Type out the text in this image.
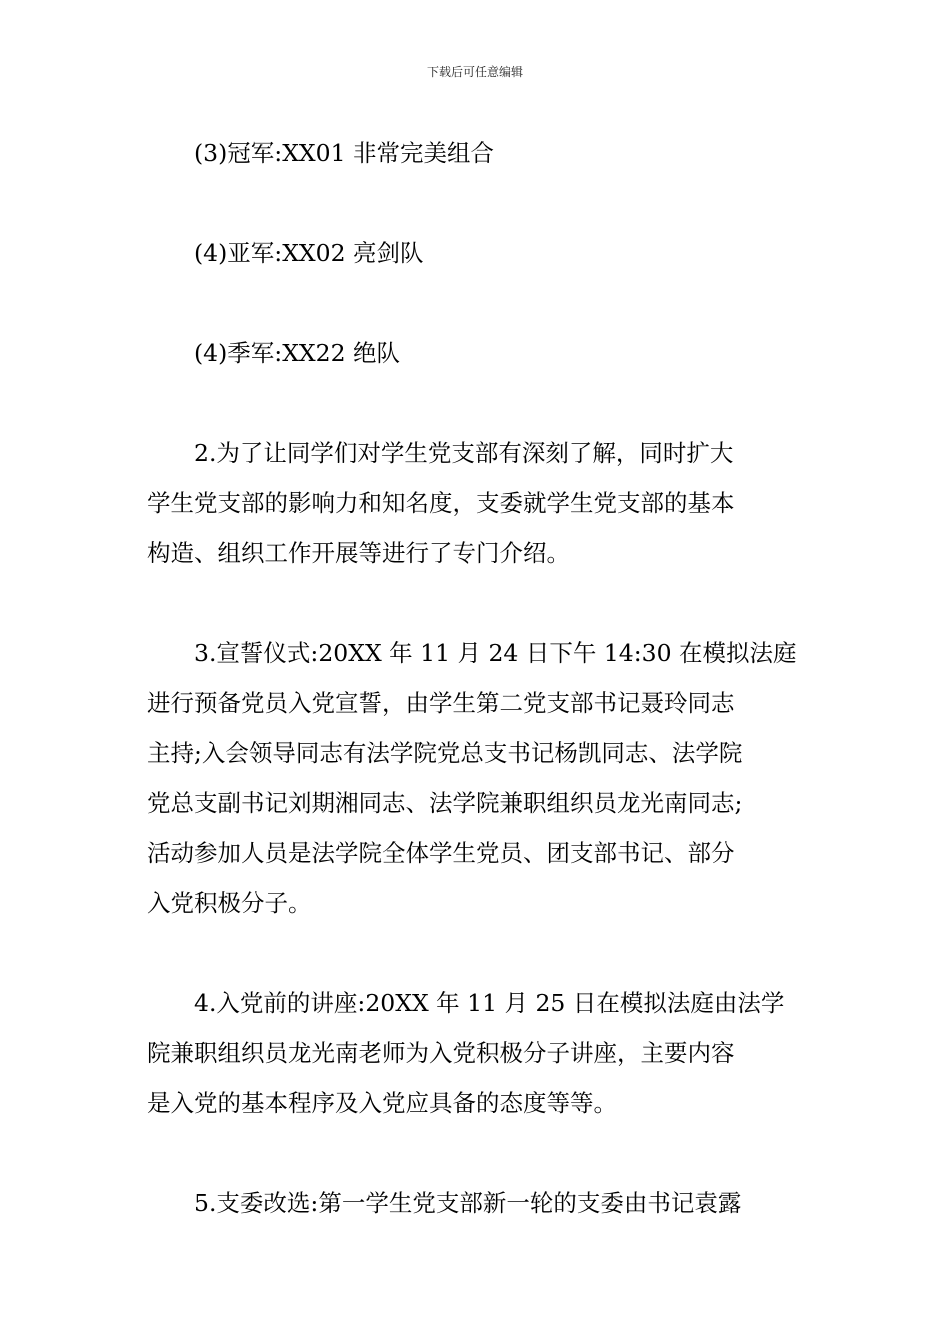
下载后可任意编辑
(3)冠军:XX01 非常完美组合
(4)亚军:XX02 亮剑队
(4)季军:XX22 绝队
2.为了让同学们对学生党支部有深刻了解，同时扩大
学生党支部的影响力和知名度，支委就学生党支部的基本
构造、组织工作开展等进行了专门介绍。
3.宣誓仪式:20XX 年 11 月 24 日下午 14:30 在模拟法庭
进行预备党员入党宣誓，由学生第二党支部书记聂玲同志
主持;入会领导同志有法学院党总支书记杨凯同志、法学院
党总支副书记刘期湘同志、法学院兼职组织员龙光南同志;
活动参加人员是法学院全体学生党员、团支部书记、部分
入党积极分子。
4.入党前的讲座:20XX 年 11 月 25 日在模拟法庭由法学
院兼职组织员龙光南老师为入党积极分子讲座，主要内容
是入党的基本程序及入党应具备的态度等等。
5.支委改选:第一学生党支部新一轮的支委由书记袁露
